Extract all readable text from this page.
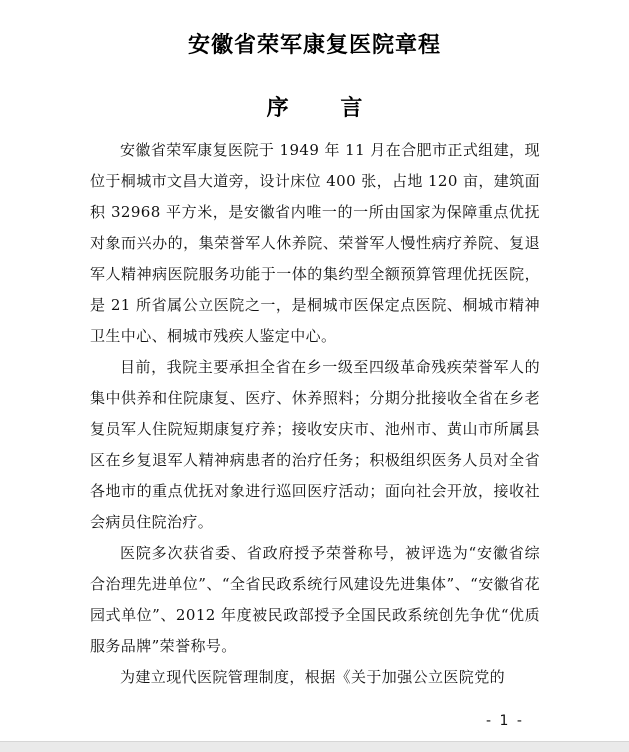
安徽省荣军康复医院章程
序 言

安徽省荣军康复医院于 1949 年 11 月在合肥市正式组建，现位于桐城市文昌大道旁，设计床位 400 张，占地 120 亩，建筑面积 32968 平方米，是安徽省内唯一的一所由国家为保障重点优抚对象而兴办的，集荣誉军人休养院、荣誉军人慢性病疗养院、复退军人精神病医院服务功能于一体的集约型全额预算管理优抚医院，是 21 所省属公立医院之一，是桐城市医保定点医院、桐城市精神卫生中心、桐城市残疾人鉴定中心。

目前，我院主要承担全省在乡一级至四级革命残疾荣誉军人的集中供养和住院康复、医疗、休养照料；分期分批接收全省在乡老复员军人住院短期康复疗养；接收安庆市、池州市、黄山市所属县区在乡复退军人精神病患者的治疗任务；积极组织医务人员对全省各地市的重点优抚对象进行巡回医疗活动；面向社会开放，接收社会病员住院治疗。

医院多次获省委、省政府授予荣誉称号，被评选为“安徽省综合治理先进单位”、“全省民政系统行风建设先进集体”、“安徽省花园式单位”、2012 年度被民政部授予全国民政系统创先争优“优质服务品牌”荣誉称号。

为建立现代医院管理制度，根据《关于加强公立医院党的

- 1 -
